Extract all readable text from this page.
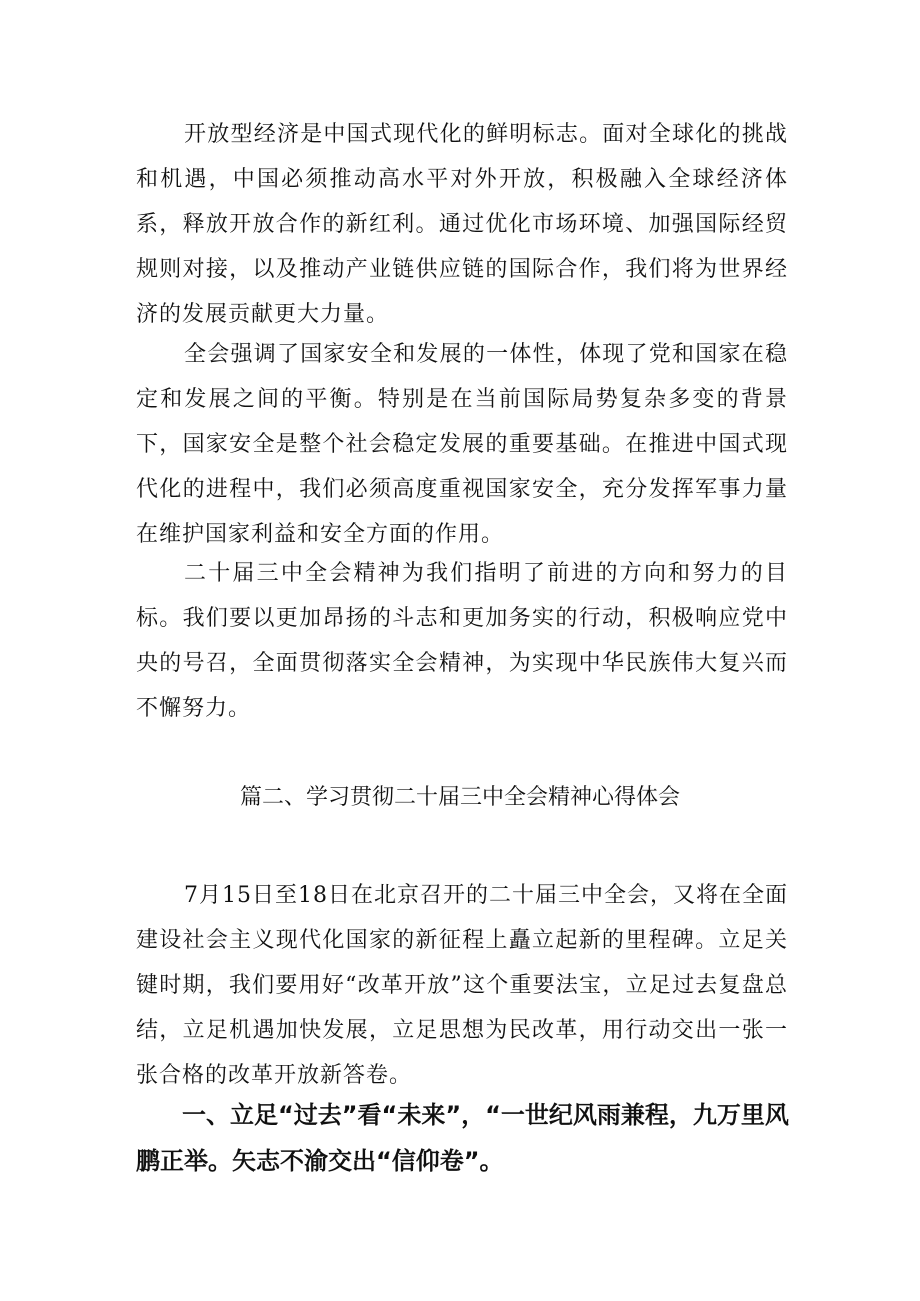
开放型经济是中国式现代化的鲜明标志。面对全球化的挑战和机遇，中国必须推动高水平对外开放，积极融入全球经济体系，释放开放合作的新红利。通过优化市场环境、加强国际经贸规则对接，以及推动产业链供应链的国际合作，我们将为世界经济的发展贡献更大力量。

全会强调了国家安全和发展的一体性，体现了党和国家在稳定和发展之间的平衡。特别是在当前国际局势复杂多变的背景下，国家安全是整个社会稳定发展的重要基础。在推进中国式现代化的进程中，我们必须高度重视国家安全，充分发挥军事力量在维护国家利益和安全方面的作用。

二十届三中全会精神为我们指明了前进的方向和努力的目标。我们要以更加昂扬的斗志和更加务实的行动，积极响应党中央的号召，全面贯彻落实全会精神，为实现中华民族伟大复兴而不懈努力。

篇二、学习贯彻二十届三中全会精神心得体会

7月15日至18日在北京召开的二十届三中全会，又将在全面建设社会主义现代化国家的新征程上矗立起新的里程碑。立足关键时期，我们要用好“改革开放”这个重要法宝，立足过去复盘总结，立足机遇加快发展，立足思想为民改革，用行动交出一张一张合格的改革开放新答卷。

一、立足“过去”看“未来”，“一世纪风雨兼程，九万里风鹏正举。矢志不渝交出“信仰卷”。
